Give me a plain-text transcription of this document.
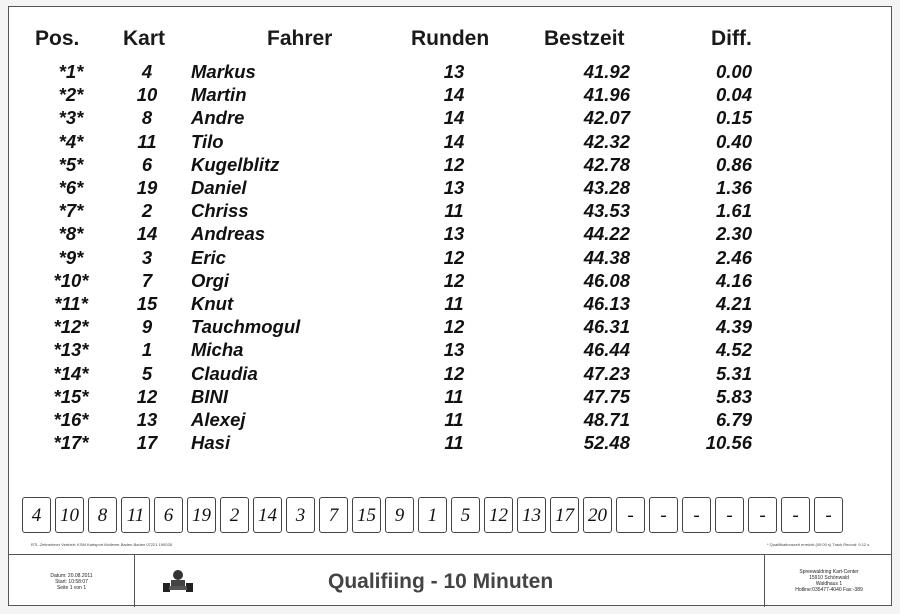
Pos. Kart	Fahrer	Runden	Bestzeit	Diff.
*1*	4	Markus	13	41.92	0.00
*2*	10	Martin	14	41.96	0.04
*3*	8	Andre	14	42.07	0.15
*4*	11	Tilo	14	42.32	0.40
*5*	6	Kugelblitz	12	42.78	0.86
*6*	19	Daniel	13	43.28	1.36
*7*	2	Chriss	11	43.53	1.61
*8*	14	Andreas	13	44.22	2.30
*9*	3	Eric	12	44.38	2.46
*10*	7	Orgi	12	46.08	4.16
*11*	15	Knut	11	46.13	4.21
*12*	9	Tauchmogul	12	46.31	4.39
*13*	1	Micha	13	46.44	4.52
*14*	5	Claudia	12	47.23	5.31
*15*	12	BINI	11	47.75	5.83
*16*	13	Alexej	11	48.71	6.79
*17*	17	Hasi	11	52.48	10.56
4 10 8	11	6 19 2 14 3	7 15 9	1	5 12 13 17 20	-	-	-	-	-	-	-
RTL-Zeitnehmer Vertrieb: KSM Kartsport Mollener Baden-Baden 07221 190028	* Qualifikationszeit erreicht (00:00 s) Track Record: 9.12 s
Datum: 20.08.2011
Start: 10:58:07
Seite 1 von 1	Qualifiing - 10 Minuten	Spreewaldring Kart-Center
15910 Schönwald
Waldhaus 1
Hotline:035477-4040 Fax:-389
